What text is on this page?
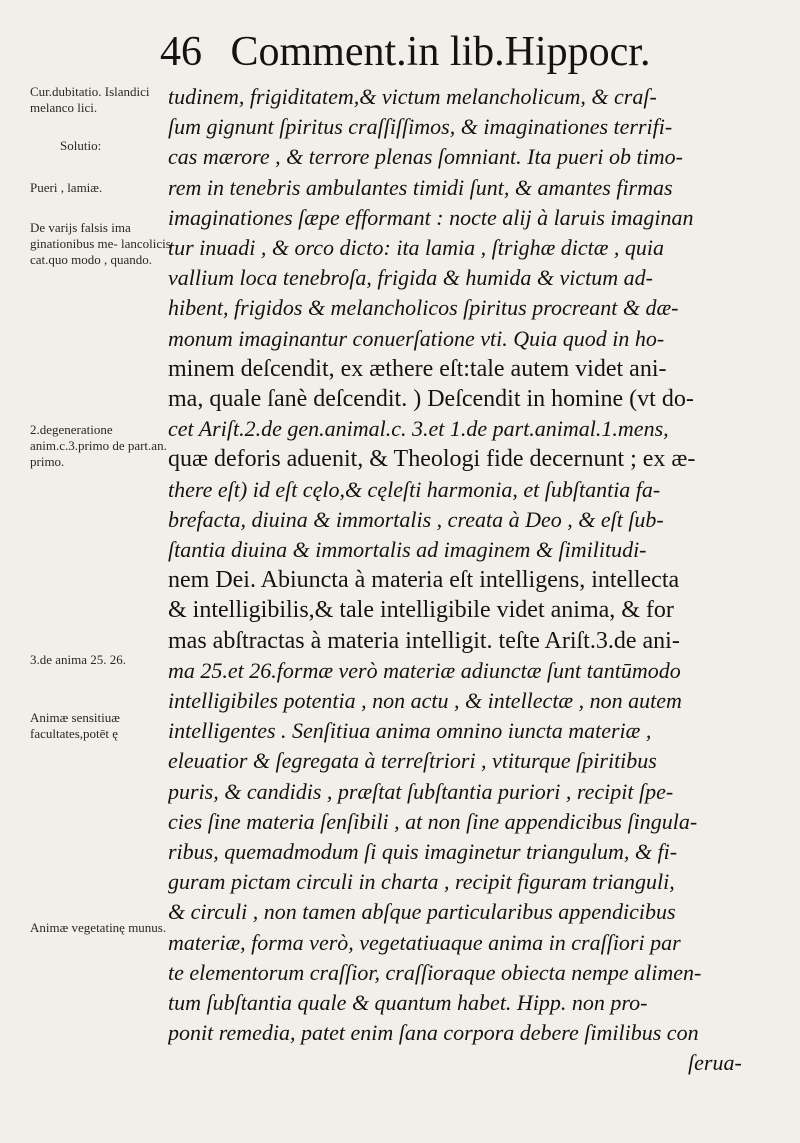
46 Comment.in lib.Hippocr.
Cur.dubitatio. Islandici melanco lici.
Solutio:
Pueri , lamiæ.
De varijs falsis ima ginationibus me- lancolicis cat.quo modo , quando.
2.degeneratione anim.c.3.primo de part.an. primo.
3.de anima 25. 26.
Animæ sensitiuæ facultates,potēt ę
Animæ vegetatinę munus.
tudinem, frigiditatem,& victum melancholicum, & craſ-
ſum gignunt ſpiritus craſſiſſimos, & imaginationes terrifi-
cas mærore , & terrore plenas ſomniant. Ita pueri ob timo-
rem in tenebris ambulantes timidi ſunt, & amantes firmas
imaginationes ſæpe efformant : nocte alij à laruis imaginan
tur inuadi , & orco dicto: ita lamia , ſtrighæ dictæ , quia
vallium loca tenebroſa, frigida & humida & victum ad-
hibent, frigidos & melancholicos ſpiritus procreant & dæ-
monum imaginantur conuerſatione vti. Quia quod in ho-
minem deſcendit, ex æthere eſt:tale autem videt ani-
ma, quale ſanè deſcendit. ) Deſcendit in homine (vt do-
cet Ariſt.2.de gen.animal.c. 3.et 1.de part.animal.1.mens,
quæ deforis aduenit, & Theologi fide decernunt ; ex æ-
there eſt) id eſt cęlo,& cęleſti harmonia, et ſubſtantia fa-
brefacta, diuina & immortalis , creata à Deo , & eſt ſub-
ſtantia diuina & immortalis ad imaginem & ſimilitudi-
nem Dei. Abiuncta à materia eſt intelligens, intellecta
& intelligibilis,& tale intelligibile videt anima, & for
mas abſtractas à materia intelligit. teſte Ariſt.3.de ani-
ma 25.et 26.formæ verò materiæ adiunctæ ſunt tantūmodo
intelligibiles potentia , non actu , & intellectæ , non autem
intelligentes . Senſitiua anima omnino iuncta materiæ ,
eleuatior & ſegregata à terreſtriori , vtiturque ſpiritibus
puris, & candidis , præſtat ſubſtantia puriori , recipit ſpe-
cies ſine materia ſenſibili , at non ſine appendicibus ſingula-
ribus, quemadmodum ſi quis imaginetur triangulum, & fi-
guram pictam circuli in charta , recipit figuram trianguli,
& circuli , non tamen abſque particularibus appendicibus
materiæ, forma verò, vegetatiuaque anima in craſſiori par
te elementorum craſſior, craſſioraque obiecta nempe alimen-
tum ſubſtantia quale & quantum habet. Hipp. non pro-
ponit remedia, patet enim ſana corpora debere ſimilibus con
ſerua-
